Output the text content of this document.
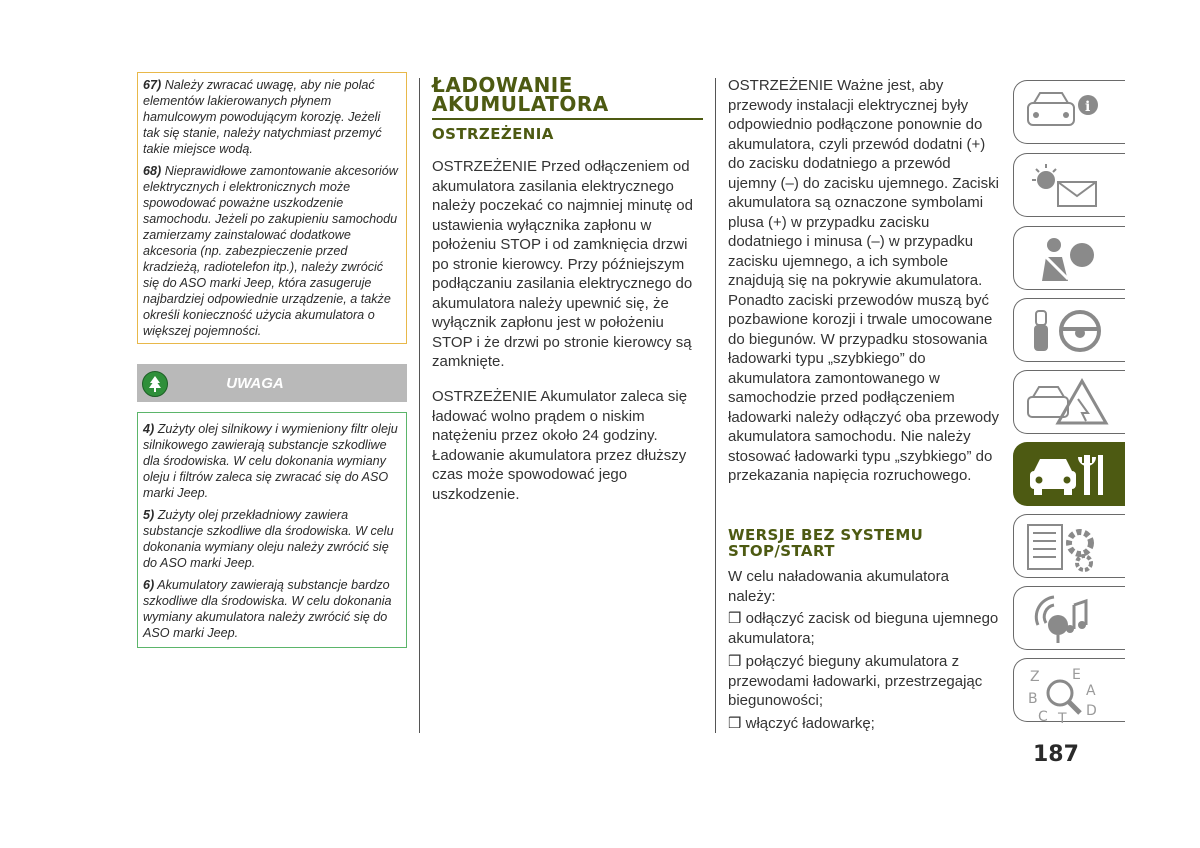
67) Należy zwracać uwagę, aby nie polać elementów lakierowanych płynem hamulcowym powodującym korozję. Jeżeli tak się stanie, należy natychmiast przemyć takie miejsce wodą.

68) Nieprawidłowe zamontowanie akcesoriów elektrycznych i elektronicznych może spowodować poważne uszkodzenie samochodu. Jeżeli po zakupieniu samochodu zamierzamy zainstalować dodatkowe akcesoria (np. zabezpieczenie przed kradzieżą, radiotelefon itp.), należy zwrócić się do ASO marki Jeep, która zasugeruje najbardziej odpowiednie urządzenie, a także określi konieczność użycia akumulatora o większej pojemności.

UWAGA

4) Zużyty olej silnikowy i wymieniony filtr oleju silnikowego zawierają substancje szkodliwe dla środowiska. W celu dokonania wymiany oleju i filtrów zaleca się zwracać się do ASO marki Jeep.

5) Zużyty olej przekładniowy zawiera substancje szkodliwe dla środowiska. W celu dokonania wymiany oleju należy zwrócić się do ASO marki Jeep.

6) Akumulatory zawierają substancje bardzo szkodliwe dla środowiska. W celu dokonania wymiany akumulatora należy zwrócić się do ASO marki Jeep.

ŁADOWANIE
AKUMULATORA
OSTRZEŻENIA

OSTRZEŻENIE Przed odłączeniem od akumulatora zasilania elektrycznego należy poczekać co najmniej minutę od ustawienia wyłącznika zapłonu w położeniu STOP i od zamknięcia drzwi po stronie kierowcy. Przy późniejszym podłączaniu zasilania elektrycznego do akumulatora należy upewnić się, że wyłącznik zapłonu jest w położeniu STOP i że drzwi po stronie kierowcy są zamknięte.

OSTRZEŻENIE Akumulator zaleca się ładować wolno prądem o niskim natężeniu przez około 24 godziny. Ładowanie akumulatora przez dłuższy czas może spowodować jego uszkodzenie.

OSTRZEŻENIE Ważne jest, aby przewody instalacji elektrycznej były odpowiednio podłączone ponownie do akumulatora, czyli przewód dodatni (+) do zacisku dodatniego a przewód ujemny (–) do zacisku ujemnego. Zaciski akumulatora są oznaczone symbolami plusa (+) w przypadku zacisku dodatniego i minusa (–) w przypadku zacisku ujemnego, a ich symbole znajdują się na pokrywie akumulatora. Ponadto zaciski przewodów muszą być pozbawione korozji i trwale umocowane do biegunów. W przypadku stosowania ładowarki typu „szybkiego” do akumulatora zamontowanego w samochodzie przed podłączeniem ładowarki należy odłączyć oba przewody akumulatora samochodu. Nie należy stosować ładowarki typu „szybkiego” do przekazania napięcia rozruchowego.

WERSJE BEZ SYSTEMU
STOP/START

W celu naładowania akumulatora należy:

❒ odłączyć zacisk od bieguna ujemnego akumulatora;

❒ połączyć bieguny akumulatora z przewodami ładowarki, przestrzegając biegunowości;

❒ włączyć ładowarkę;

i
Z E
B	A
C T D
187
